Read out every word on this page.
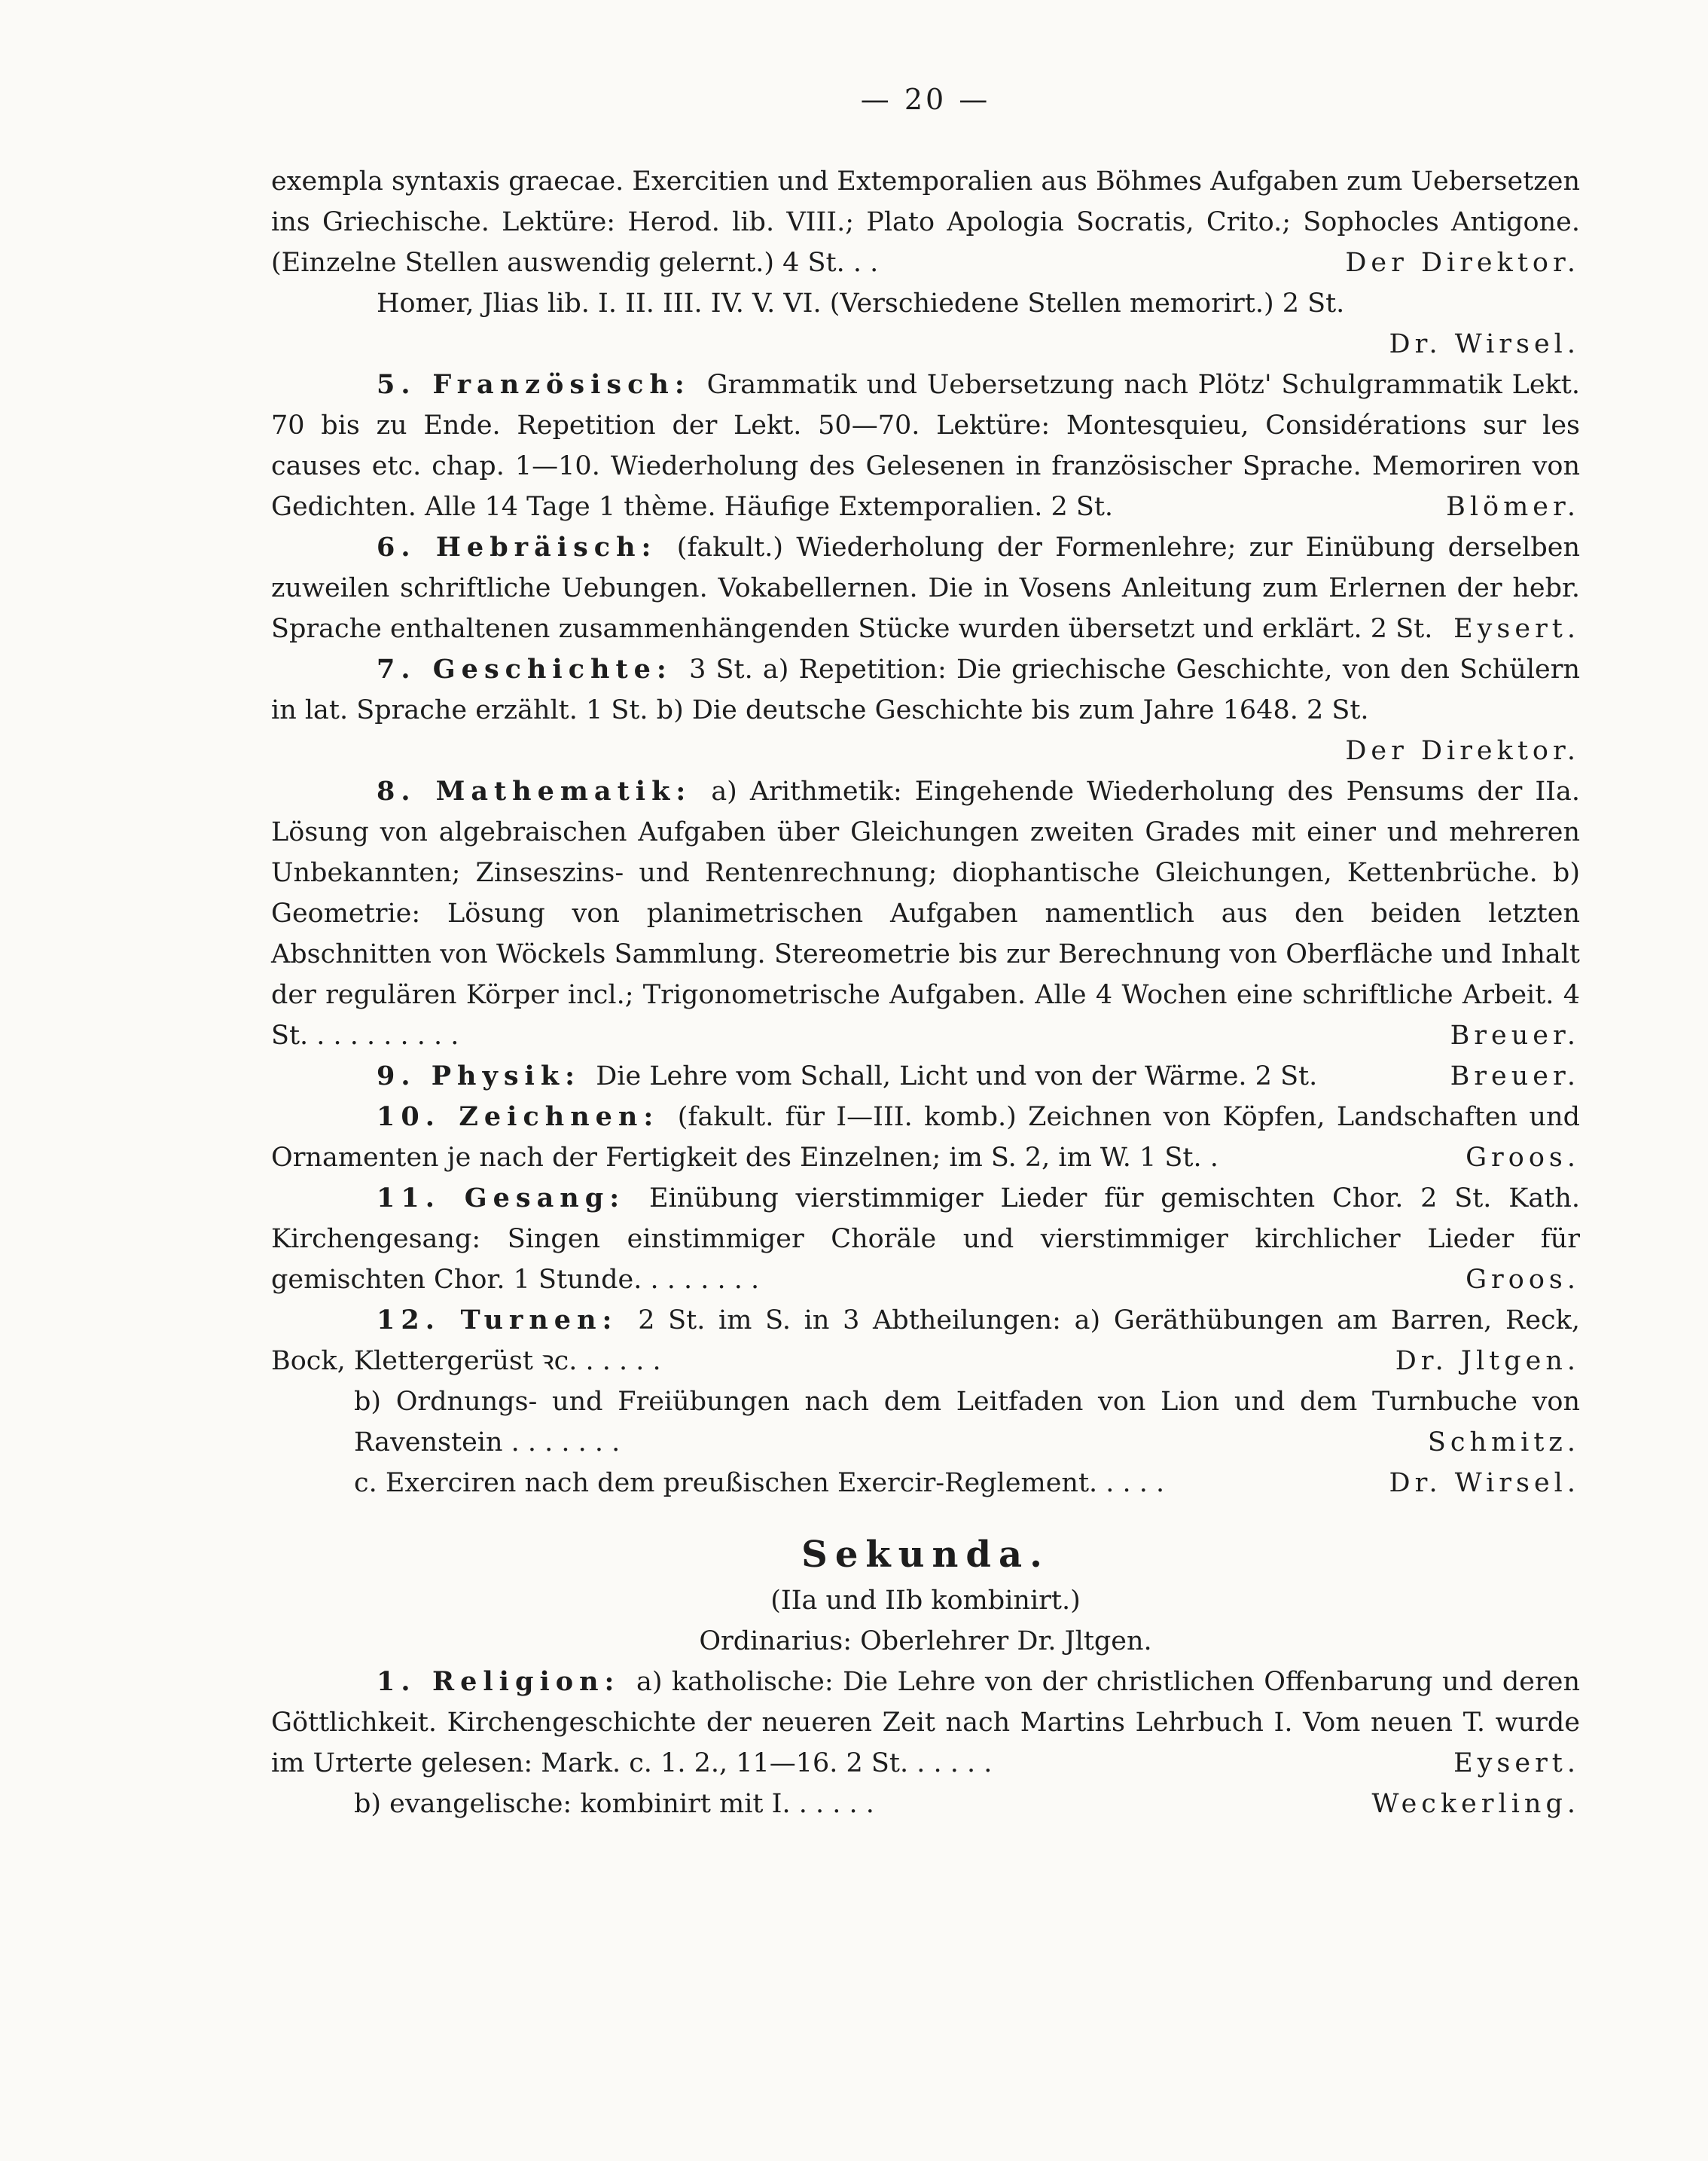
— 20 —
exempla syntaxis graecae. Exercitien und Extemporalien aus Böhmes Aufgaben zum Uebersetzen ins Griechische. Lektüre: Herod. lib. VIII.; Plato Apologia Socratis, Crito.; Sophocles Antigone. (Einzelne Stellen auswendig gelernt.) 4 St. . .	Der Direktor.
Homer, Jlias lib. I. II. III. IV. V. VI. (Verschiedene Stellen memorirt.) 2 St.
Dr. Wirsel.
5. Französisch: Grammatik und Uebersetzung nach Plötz' Schulgrammatik Lekt. 70 bis zu Ende. Repetition der Lekt. 50—70. Lektüre: Montesquieu, Considérations sur les causes etc. chap. 1—10. Wiederholung des Gelesenen in französischer Sprache. Memoriren von Gedichten. Alle 14 Tage 1 thème. Häufige Extemporalien. 2 St.	Blömer.
6. Hebräisch: (fakult.) Wiederholung der Formenlehre; zur Einübung derselben zuweilen schriftliche Uebungen. Vokabellernen. Die in Vosens Anleitung zum Erlernen der hebr. Sprache enthaltenen zusammenhängenden Stücke wurden übersetzt und erklärt. 2 St. Eysert.
7. Geschichte: 3 St. a) Repetition: Die griechische Geschichte, von den Schülern in lat. Sprache erzählt. 1 St. b) Die deutsche Geschichte bis zum Jahre 1648. 2 St.
Der Direktor.
8. Mathematik: a) Arithmetik: Eingehende Wiederholung des Pensums der IIa. Lösung von algebraischen Aufgaben über Gleichungen zweiten Grades mit einer und mehreren Unbekannten; Zinseszins- und Rentenrechnung; diophantische Gleichungen, Kettenbrüche. b) Geometrie: Lösung von planimetrischen Aufgaben namentlich aus den beiden letzten Abschnitten von Wöckels Sammlung. Stereometrie bis zur Berechnung von Oberfläche und Inhalt der regulären Körper incl.; Trigonometrische Aufgaben. Alle 4 Wochen eine schriftliche Arbeit. 4 St. . . . . . . . . .	Breuer.
9. Physik: Die Lehre vom Schall, Licht und von der Wärme. 2 St.	Breuer.
10. Zeichnen: (fakult. für I—III. komb.) Zeichnen von Köpfen, Landschaften und Ornamenten je nach der Fertigkeit des Einzelnen; im S. 2, im W. 1 St. .	Groos.
11. Gesang: Einübung vierstimmiger Lieder für gemischten Chor. 2 St. Kath. Kirchengesang: Singen einstimmiger Choräle und vierstimmiger kirchlicher Lieder für gemischten Chor. 1 Stunde. . . . . . . .	Groos.
12. Turnen: 2 St. im S. in 3 Abtheilungen: a) Geräthübungen am Barren, Reck, Bock, Klettergerüst ꝛc. . . . . .	Dr. Jltgen.
b) Ordnungs- und Freiübungen nach dem Leitfaden von Lion und dem Turnbuche von Ravenstein . . . . . . .	Schmitz.
c. Exerciren nach dem preußischen Exercir-Reglement. . . . .	Dr. Wirsel.
Sekunda.
(IIa und IIb kombinirt.)
Ordinarius: Oberlehrer Dr. Jltgen.
1. Religion: a) katholische: Die Lehre von der christlichen Offenbarung und deren Göttlichkeit. Kirchengeschichte der neueren Zeit nach Martins Lehrbuch I. Vom neuen T. wurde im Urterte gelesen: Mark. c. 1. 2., 11—16. 2 St. . . . . .	Eysert.
b) evangelische: kombinirt mit I. . . . . .	Weckerling.
